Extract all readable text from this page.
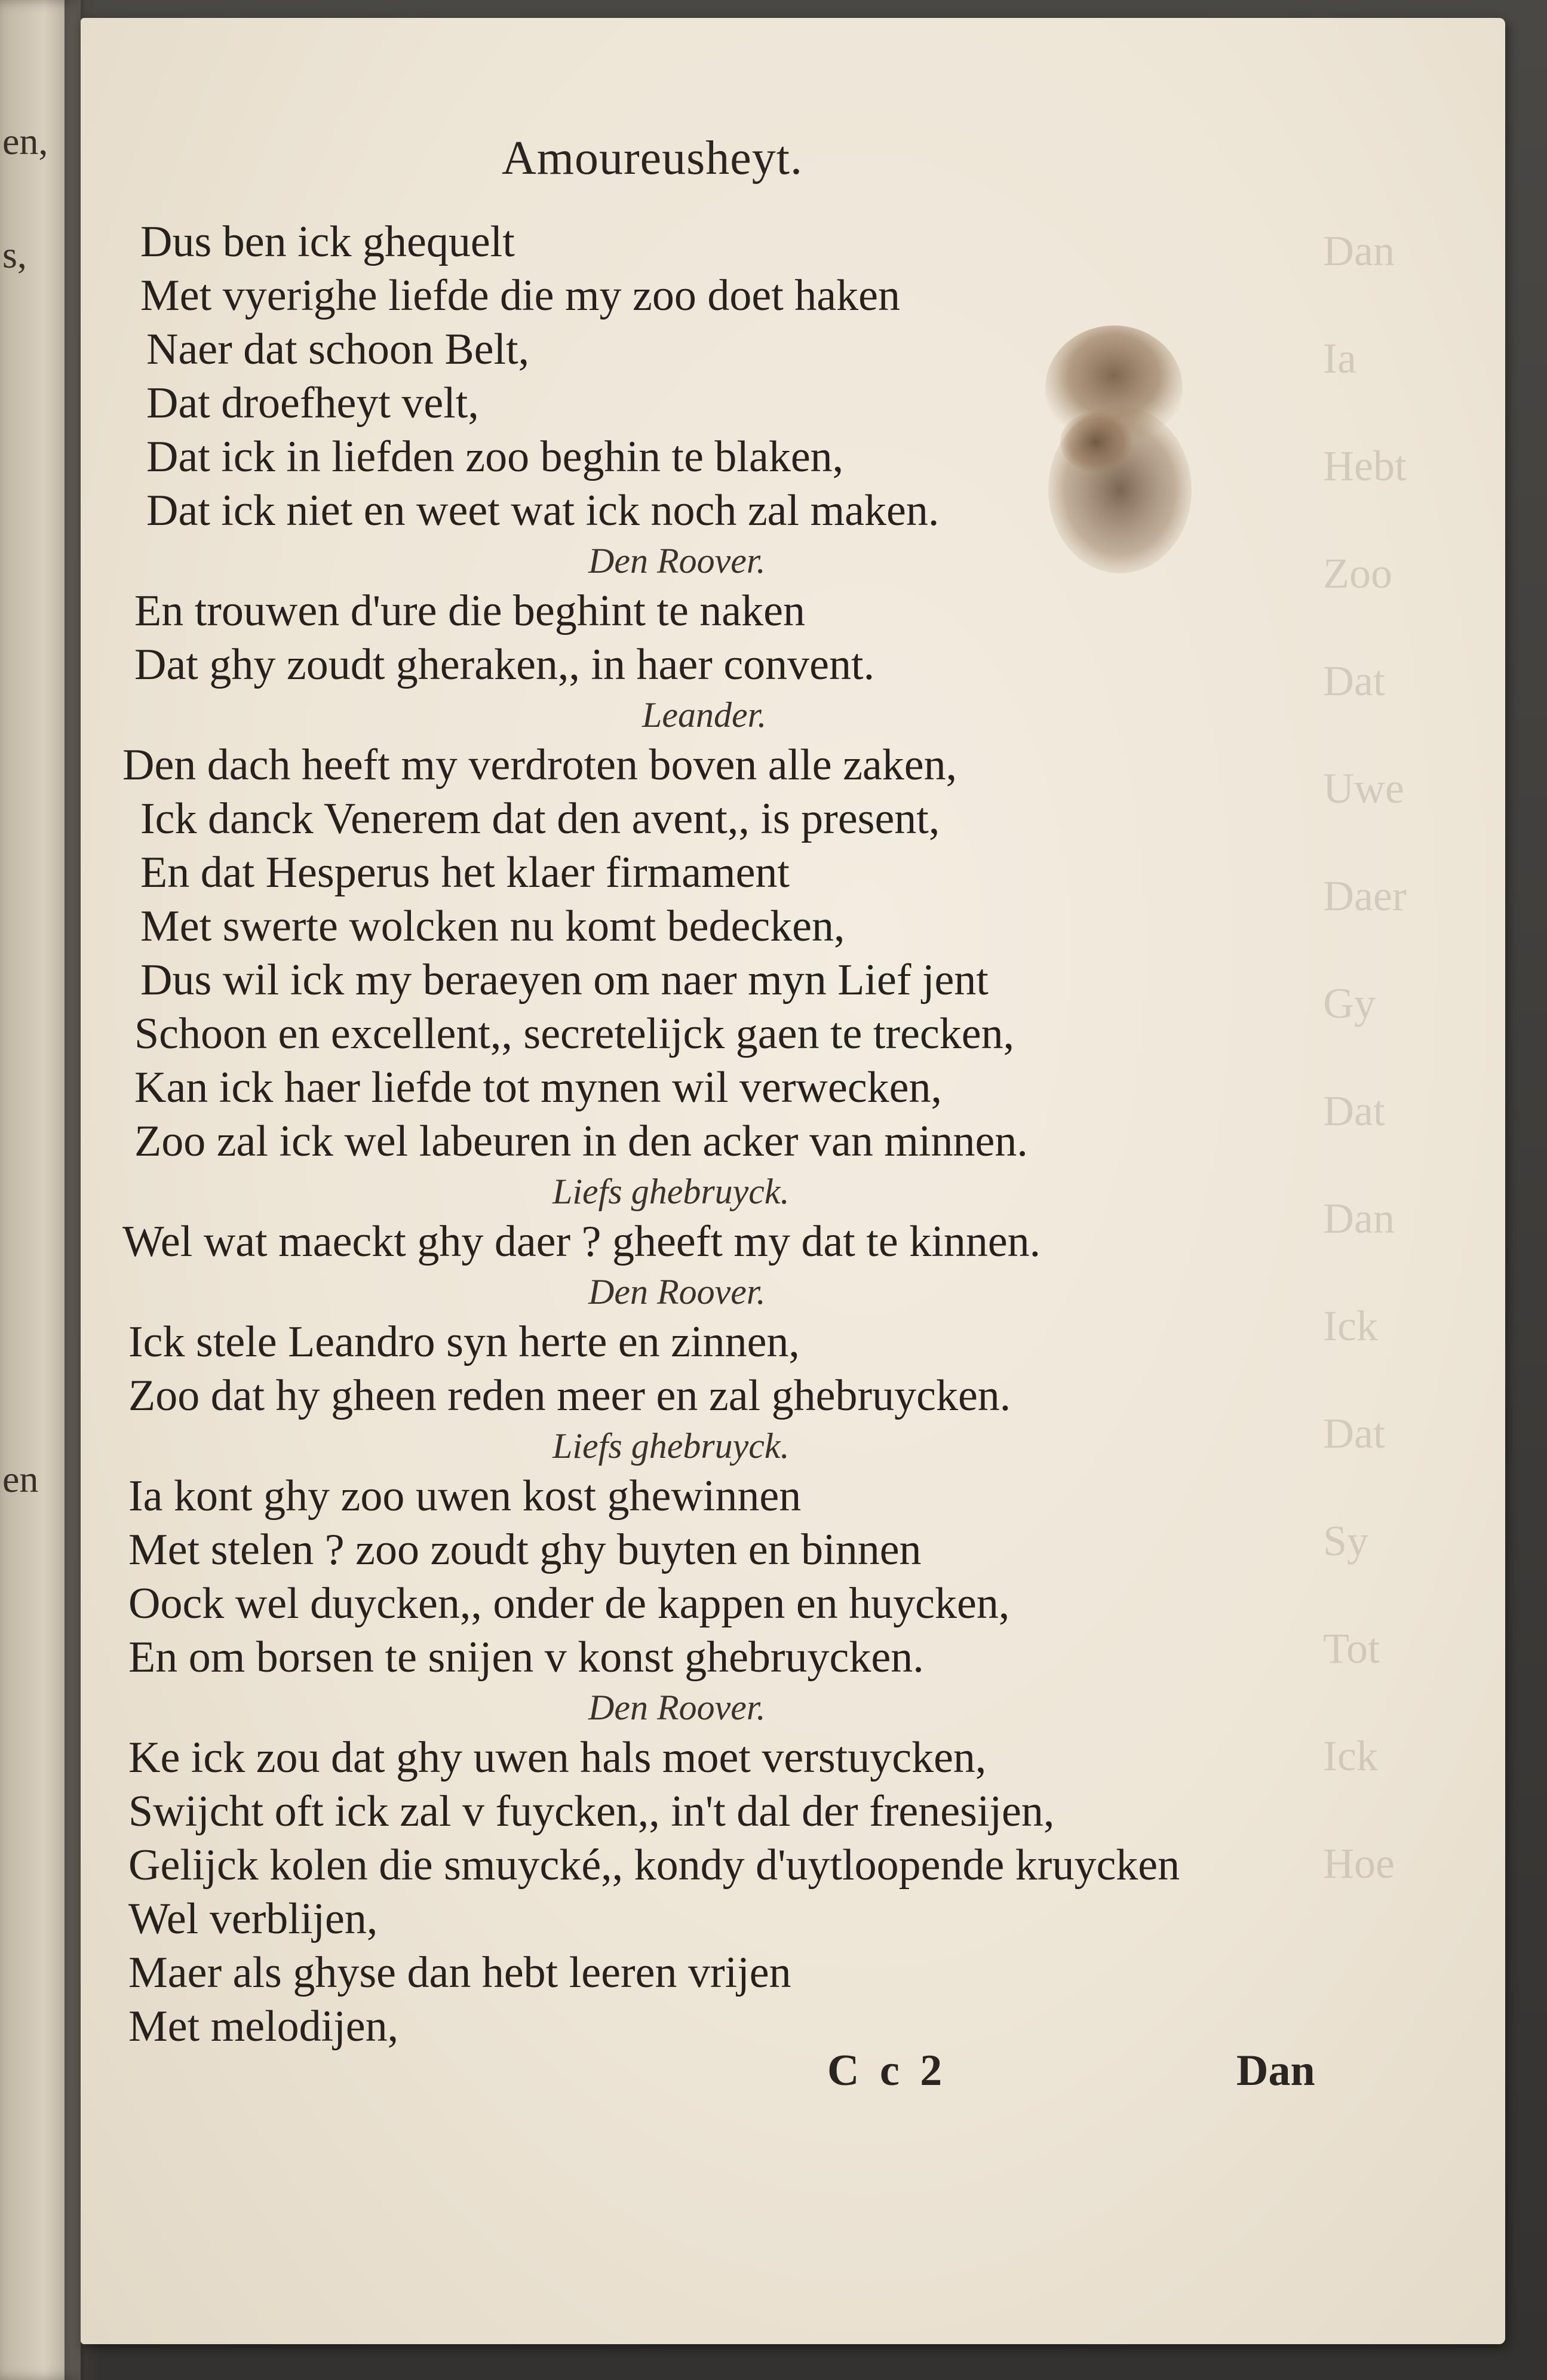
en,
s,
en
Dan
Ia
Hebt
Zoo
Dat
Uwe
Daer
Gy
Dat
Dan
Ick
Dat
Sy
Tot
Ick
Hoe
Amoureusheyt.
Dus ben ick ghequelt
Met vyerighe liefde die my zoo doet haken
Naer dat schoon Belt,
Dat droefheyt velt,
Dat ick in liefden zoo beghin te blaken,
Dat ick niet en weet wat ick noch zal maken.
Den Roover.
En trouwen d'ure die beghint te naken
Dat ghy zoudt gheraken,, in haer convent.
Leander.
Den dach heeft my verdroten boven alle zaken,
Ick danck Venerem dat den avent,, is present,
En dat Hesperus het klaer firmament
Met swerte wolcken nu komt bedecken,
Dus wil ick my beraeyen om naer myn Lief jent
Schoon en excellent,, secretelijck gaen te trecken,
Kan ick haer liefde tot mynen wil verwecken,
Zoo zal ick wel labeuren in den acker van minnen.
Liefs ghebruyck.
Wel wat maeckt ghy daer ? gheeft my dat te kinnen.
Den Roover.
Ick stele Leandro syn herte en zinnen,
Zoo dat hy gheen reden meer en zal ghebruycken.
Liefs ghebruyck.
Ia kont ghy zoo uwen kost ghewinnen
Met stelen ? zoo zoudt ghy buyten en binnen
Oock wel duycken,, onder de kappen en huycken,
En om borsen te snijen v konst ghebruycken.
Den Roover.
Ke ick zou dat ghy uwen hals moet verstuycken,
Swijcht oft ick zal v fuycken,, in't dal der frenesijen,
Gelijck kolen die smuycké,, kondy d'uytloopende kruycken
Wel verblijen,
Maer als ghyse dan hebt leeren vrijen
Met melodijen,
C c 2	Dan
